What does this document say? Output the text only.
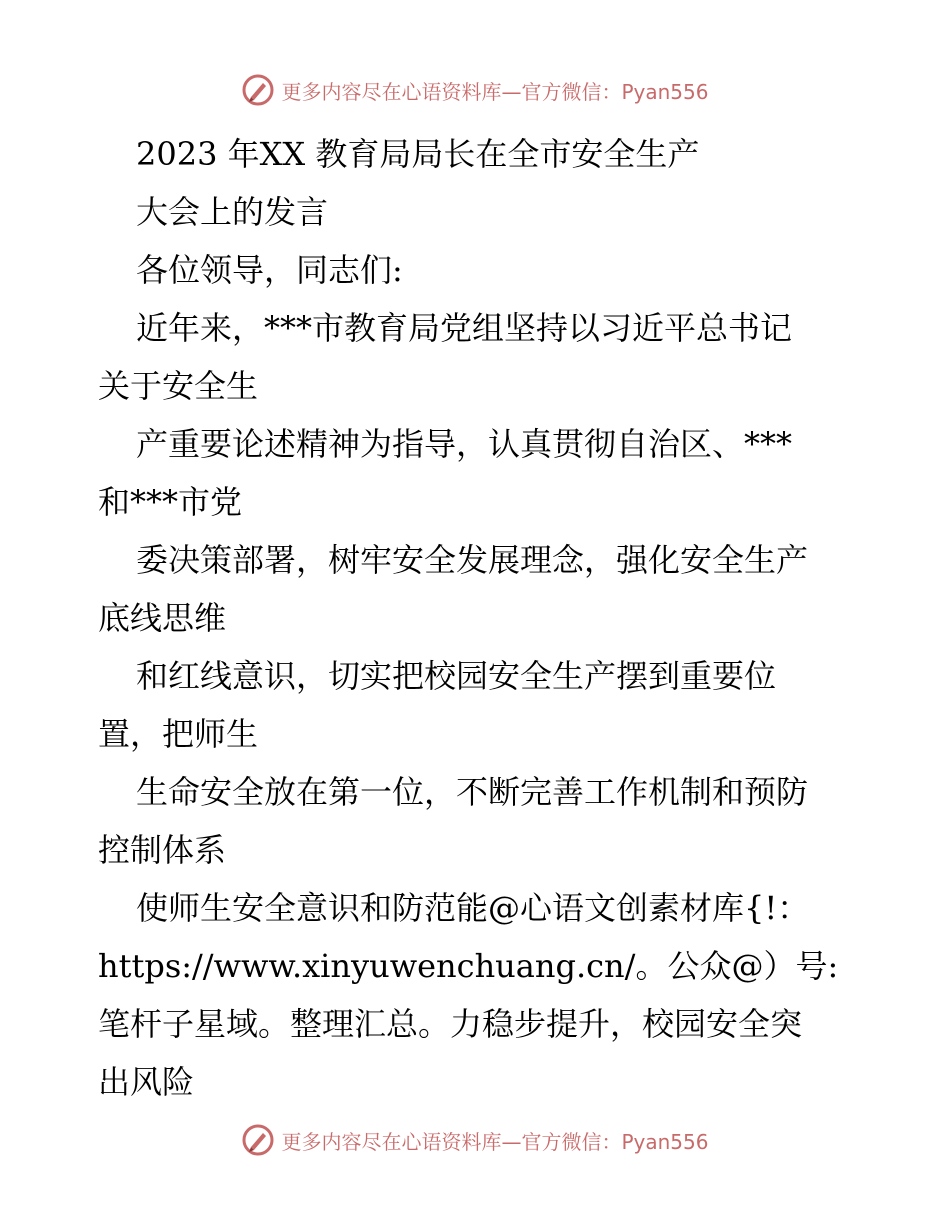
更多内容尽在心语资料库—官方微信：Pyan556
2023 年XX 教育局局长在全市安全生产
大会上的发言
各位领导，同志们:
近年来，***市教育局党组坚持以习近平总书记
关于安全生
产重要论述精神为指导，认真贯彻自治区、***
和***市党
委决策部署，树牢安全发展理念，强化安全生产
底线思维
和红线意识，切实把校园安全生产摆到重要位
置，把师生
生命安全放在第一位，不断完善工作机制和预防
控制体系
使师生安全意识和防范能@心语文创素材库{!：
https://www.xinyuwenchuang.cn/。公众@）号:
笔杆子星域。整理汇总。力稳步提升，校园安全突
出风险
更多内容尽在心语资料库—官方微信：Pyan556
